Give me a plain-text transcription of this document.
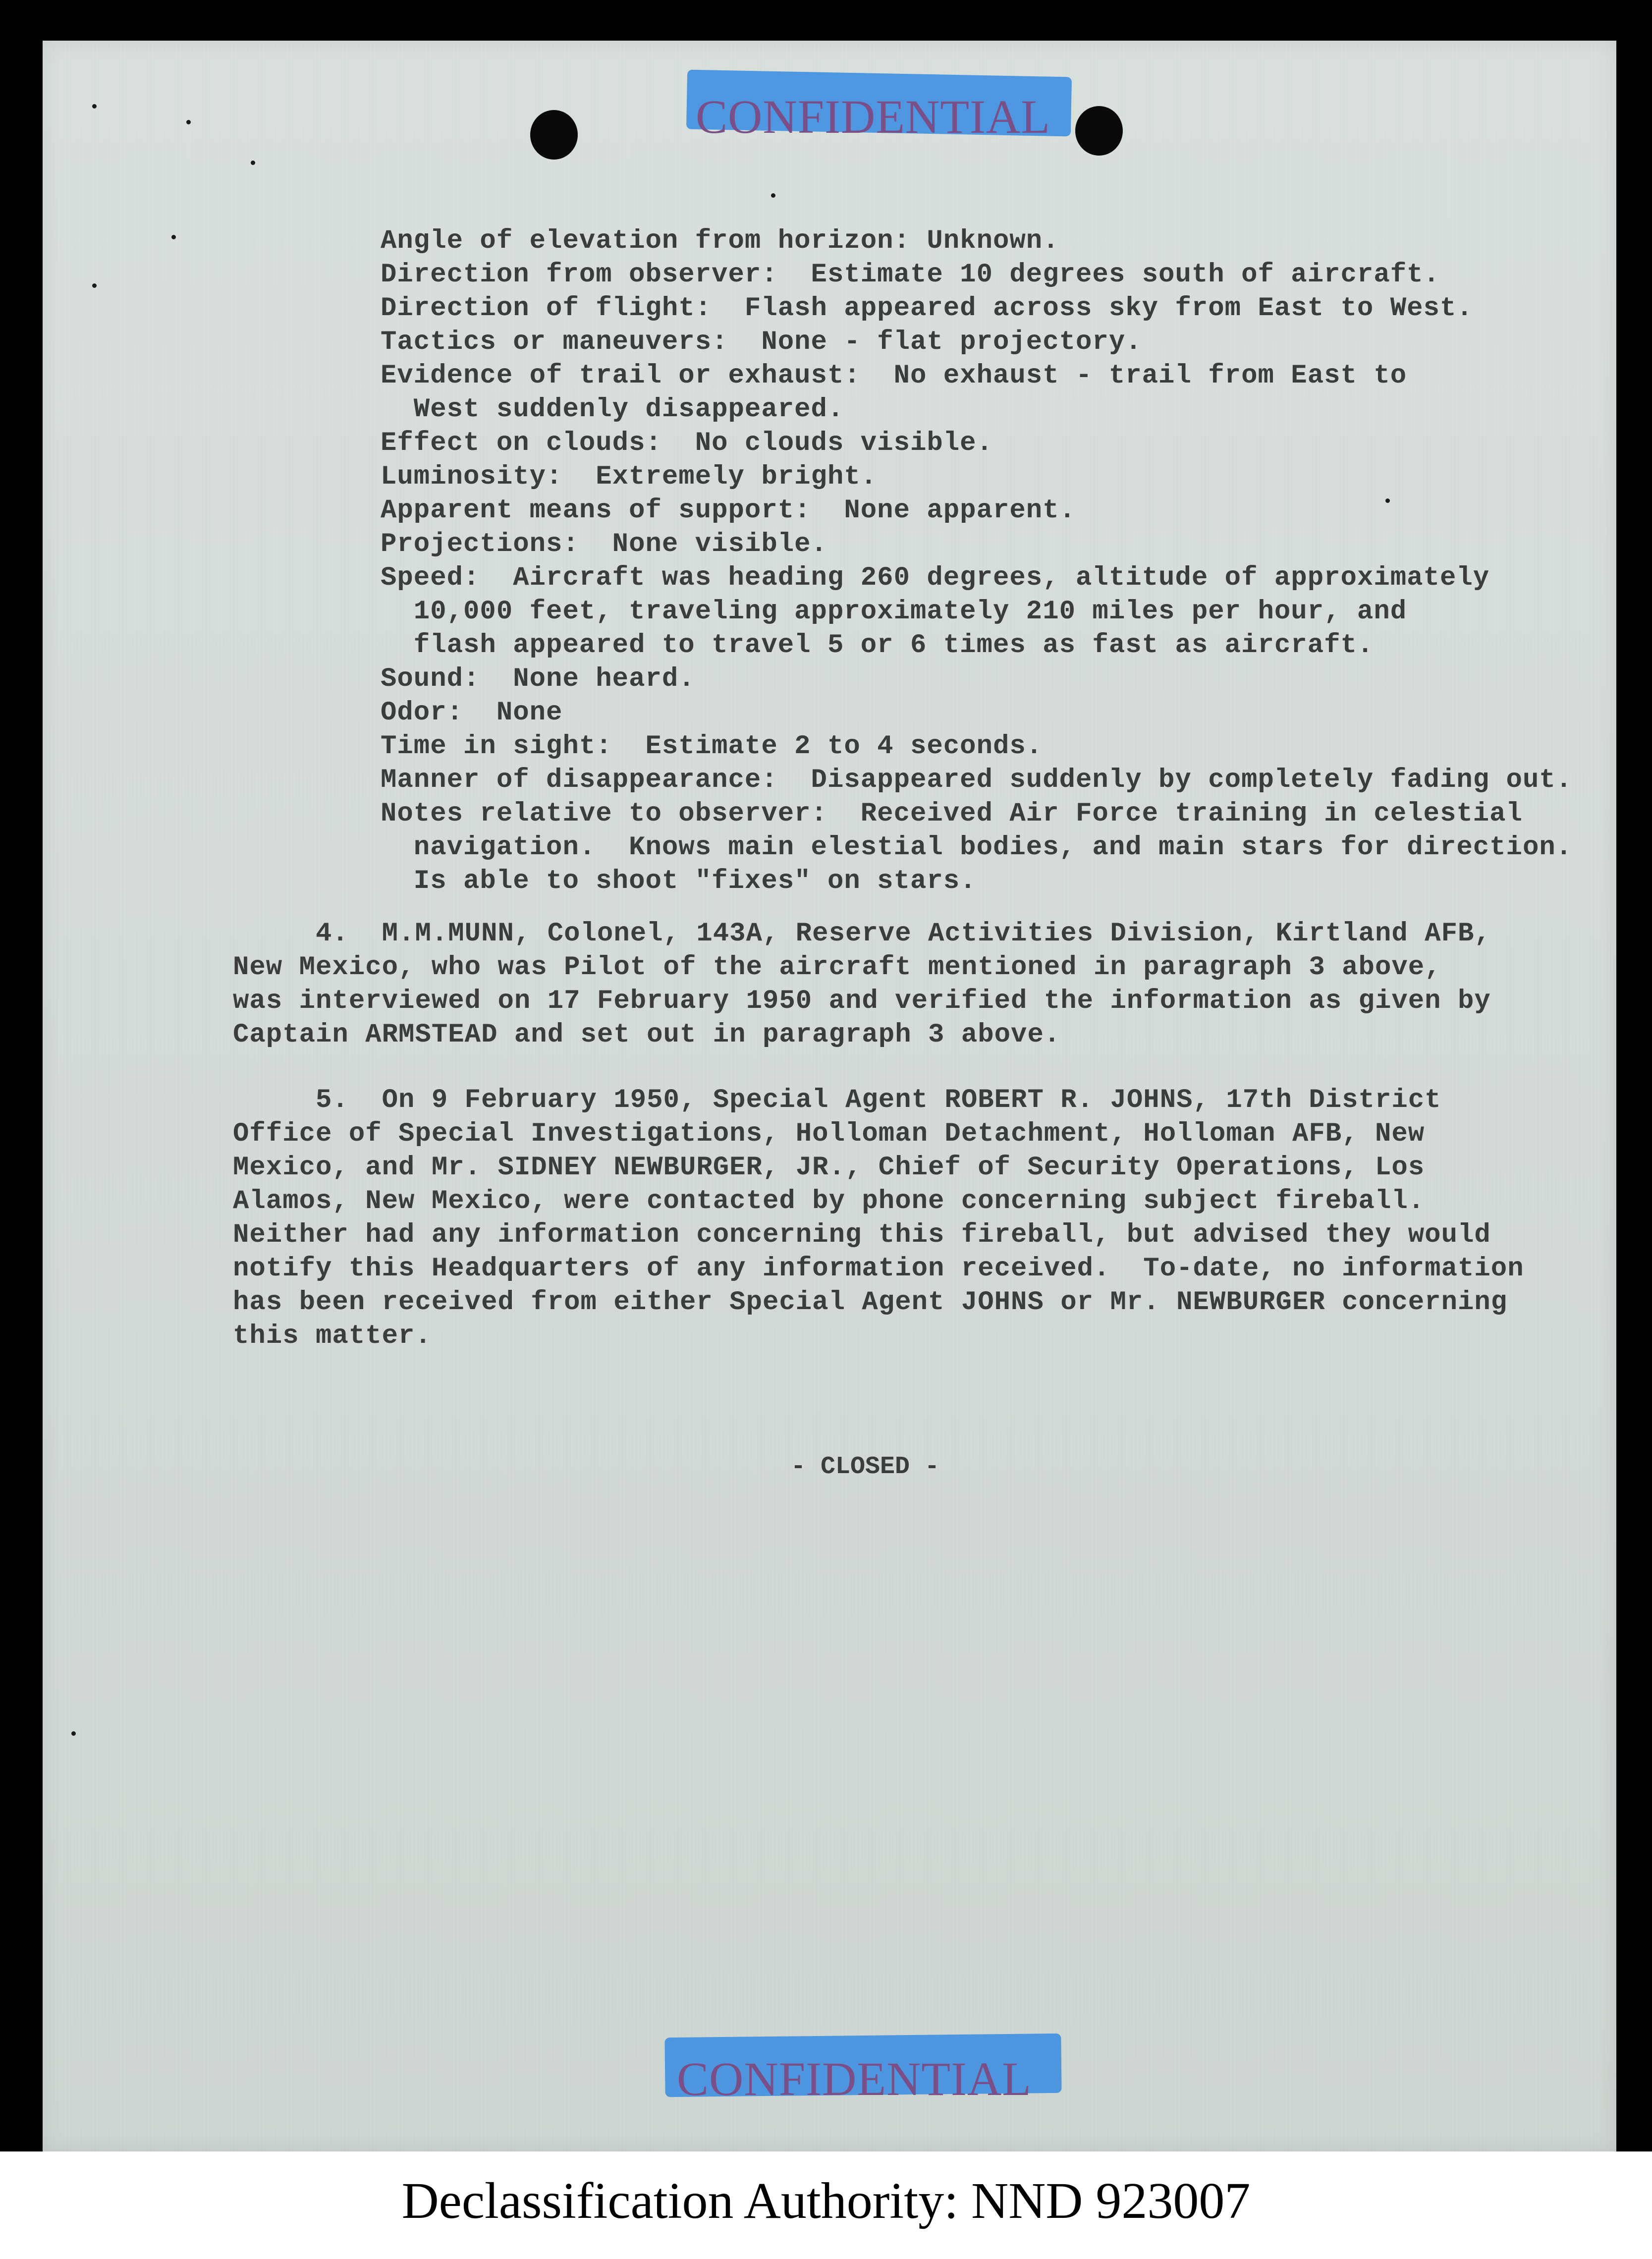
CONFIDENTIAL
Angle of elevation from horizon: Unknown.
Direction from observer:  Estimate 10 degrees south of aircraft.
Direction of flight:  Flash appeared across sky from East to West.
Tactics or maneuvers:  None - flat projectory.
Evidence of trail or exhaust:  No exhaust - trail from East to
West suddenly disappeared.
Effect on clouds:  No clouds visible.
Luminosity:  Extremely bright.
Apparent means of support:  None apparent.
Projections:  None visible.
Speed:  Aircraft was heading 260 degrees, altitude of approximately
10,000 feet, traveling approximately 210 miles per hour, and
flash appeared to travel 5 or 6 times as fast as aircraft.
Sound:  None heard.
Odor:  None
Time in sight:  Estimate 2 to 4 seconds.
Manner of disappearance:  Disappeared suddenly by completely fading out.
Notes relative to observer:  Received Air Force training in celestial
navigation.  Knows main elestial bodies, and main stars for direction.
Is able to shoot "fixes" on stars.
4.  M.M.MUNN, Colonel, 143A, Reserve Activities Division, Kirtland AFB,
New Mexico, who was Pilot of the aircraft mentioned in paragraph 3 above,
was interviewed on 17 February 1950 and verified the information as given by
Captain ARMSTEAD and set out in paragraph 3 above.
5.  On 9 February 1950, Special Agent ROBERT R. JOHNS, 17th District
Office of Special Investigations, Holloman Detachment, Holloman AFB, New
Mexico, and Mr. SIDNEY NEWBURGER, JR., Chief of Security Operations, Los
Alamos, New Mexico, were contacted by phone concerning subject fireball.
Neither had any information concerning this fireball, but advised they would
notify this Headquarters of any information received.  To-date, no information
has been received from either Special Agent JOHNS or Mr. NEWBURGER concerning
this matter.
- CLOSED -
CONFIDENTIAL
Declassification Authority: NND 923007
